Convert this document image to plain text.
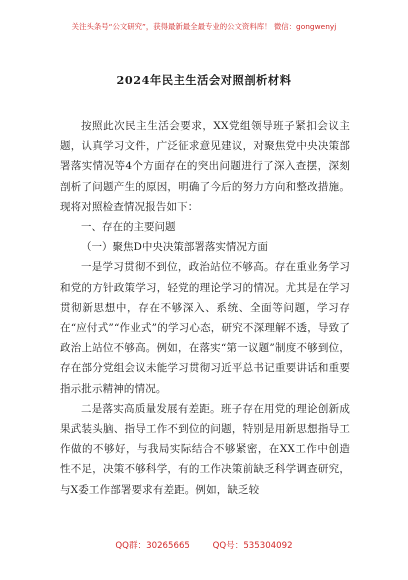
关注头条号“公文研究”，获得最新最全最专业的公文资料库！ 微信：gongwenyj
2024年民主生活会对照剖析材料

按照此次民主生活会要求，XX党组领导班子紧扣会议主题，认真学习文件，广泛征求意见建议，对聚焦党中央决策部署落实情况等4个方面存在的突出问题进行了深入查摆，深刻剖析了问题产生的原因，明确了今后的努力方向和整改措施。现将对照检查情况报告如下：

一、存在的主要问题

（一）聚焦D中央决策部署落实情况方面

一是学习贯彻不到位，政治站位不够高。存在重业务学习和党的方针政策学习，轻党的理论学习的情况。尤其是在学习贯彻新思想中，存在不够深入、系统、全面等问题，学习存在“应付式”“作业式”的学习心态，研究不深理解不透，导致了政治上站位不够高。例如，在落实“第一议题”制度不够到位，存在部分党组会议未能学习贯彻习近平总书记重要讲话和重要指示批示精神的情况。

二是落实高质量发展有差距。班子存在用党的理论创新成果武装头脑、指导工作不到位的问题，特别是用新思想指导工作做的不够好，与我局实际结合不够紧密，在XX工作中创造性不足，决策不够科学，有的工作决策前缺乏科学调查研究，与X委工作部署要求有差距。例如，缺乏较

QQ群：30265665	QQ号：535304092
